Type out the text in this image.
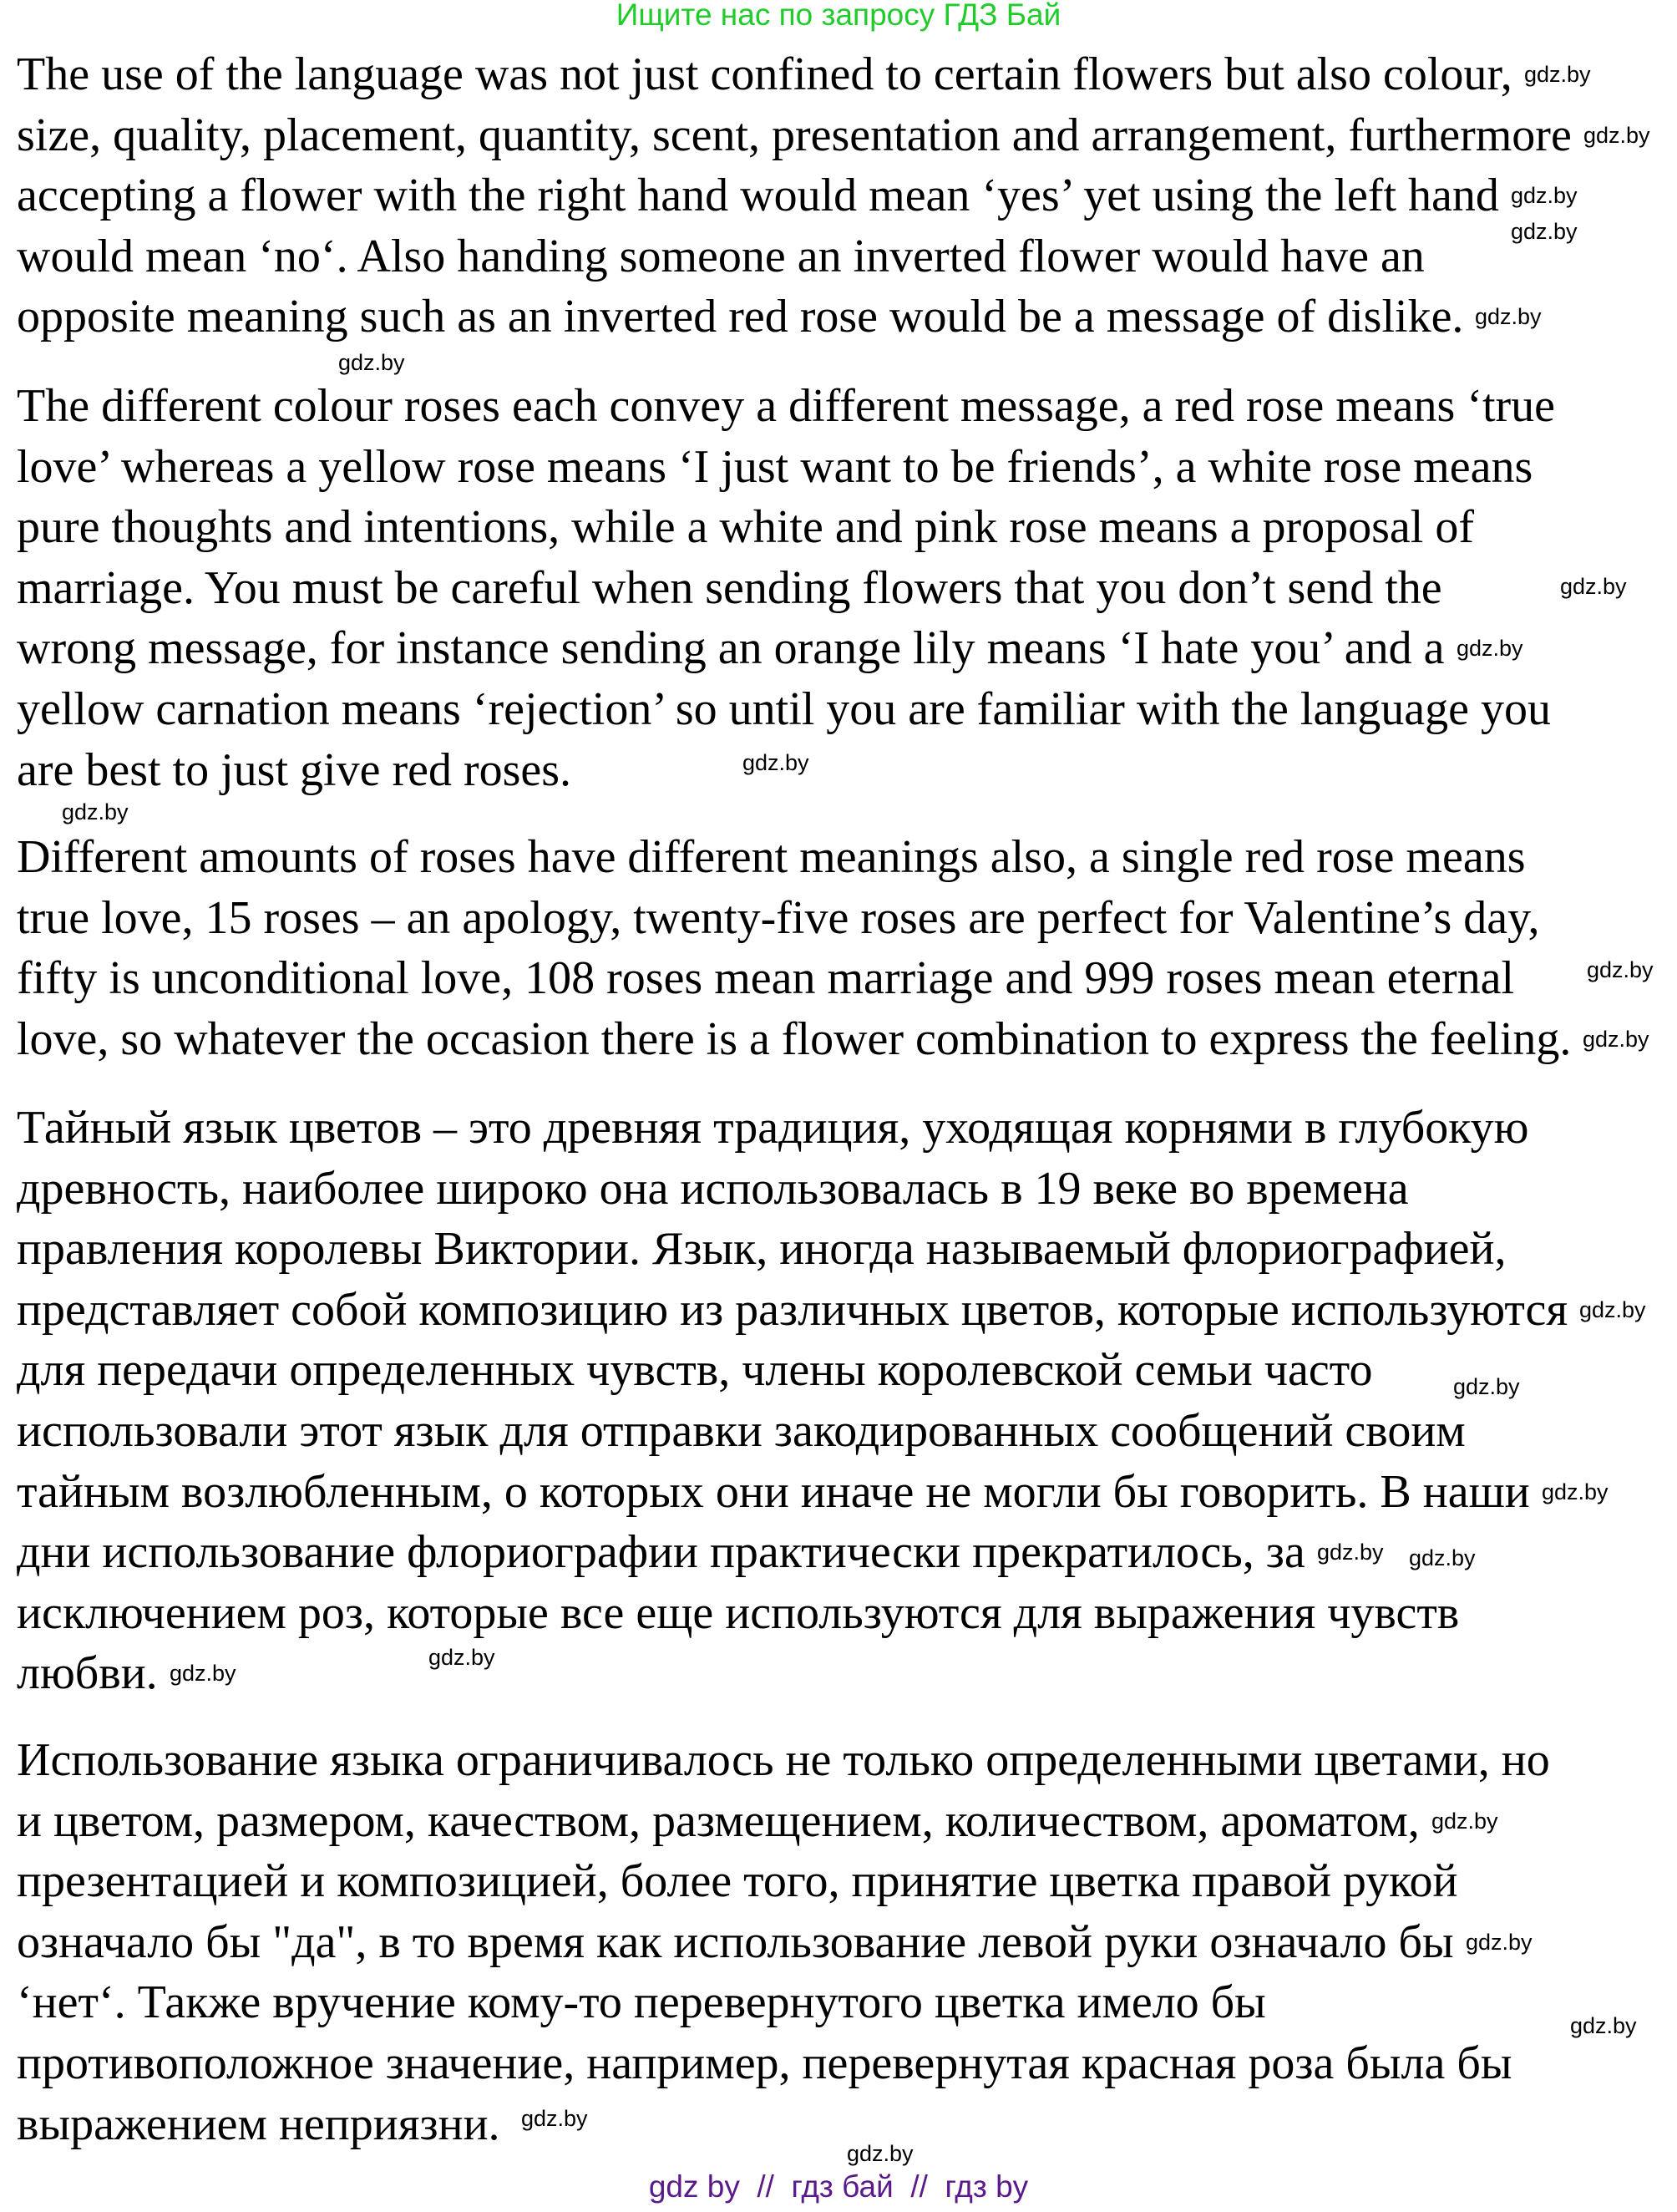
Ищите нас по запросу ГДЗ Бай
The use of the language was not just confined to certain flowers but also colour,
size, quality, placement, quantity, scent, presentation and arrangement, furthermore
accepting a flower with the right hand would mean ‘yes’ yet using the left hand
would mean ‘no‘. Also handing someone an inverted flower would have an
opposite meaning such as an inverted red rose would be a message of dislike.
The different colour roses each convey a different message, a red rose means ‘true
love’ whereas a yellow rose means ‘I just want to be friends’, a white rose means
pure thoughts and intentions, while a white and pink rose means a proposal of
marriage. You must be careful when sending flowers that you don’t send the
wrong message, for instance sending an orange lily means ‘I hate you’ and a
yellow carnation means ‘rejection’ so until you are familiar with the language you
are best to just give red roses.
Different amounts of roses have different meanings also, a single red rose means
true love, 15 roses – an apology, twenty-five roses are perfect for Valentine’s day,
fifty is unconditional love, 108 roses mean marriage and 999 roses mean eternal
love, so whatever the occasion there is a flower combination to express the feeling.
Тайный язык цветов – это древняя традиция, уходящая корнями в глубокую
древность, наиболее широко она использовалась в 19 веке во времена
правления королевы Виктории. Язык, иногда называемый флориографией,
представляет собой композицию из различных цветов, которые используются
для передачи определенных чувств, члены королевской семьи часто
использовали этот язык для отправки закодированных сообщений своим
тайным возлюбленным, о которых они иначе не могли бы говорить. В наши
дни использование флориографии практически прекратилось, за
исключением роз, которые все еще используются для выражения чувств
любви.
Использование языка ограничивалось не только определенными цветами, но
и цветом, размером, качеством, размещением, количеством, ароматом,
презентацией и композицией, более того, принятие цветка правой рукой
означало бы "да", в то время как использование левой руки означало бы
‘нет‘. Также вручение кому-то перевернутого цветка имело бы
противоположное значение, например, перевернутая красная роза была бы
выражением неприязни.
gdz.by
gdz.by
gdz.by
gdz.by
gdz.by
gdz.by
gdz.by
gdz.by
gdz.by
gdz.by
gdz.by
gdz.by
gdz.by
gdz.by
gdz.by
gdz.by gdz.by
gdz.by
gdz.by
gdz.by
gdz.by
gdz.by
gdz.by
gdz.by
gdz by  //  гдз бай  //  гдз by
